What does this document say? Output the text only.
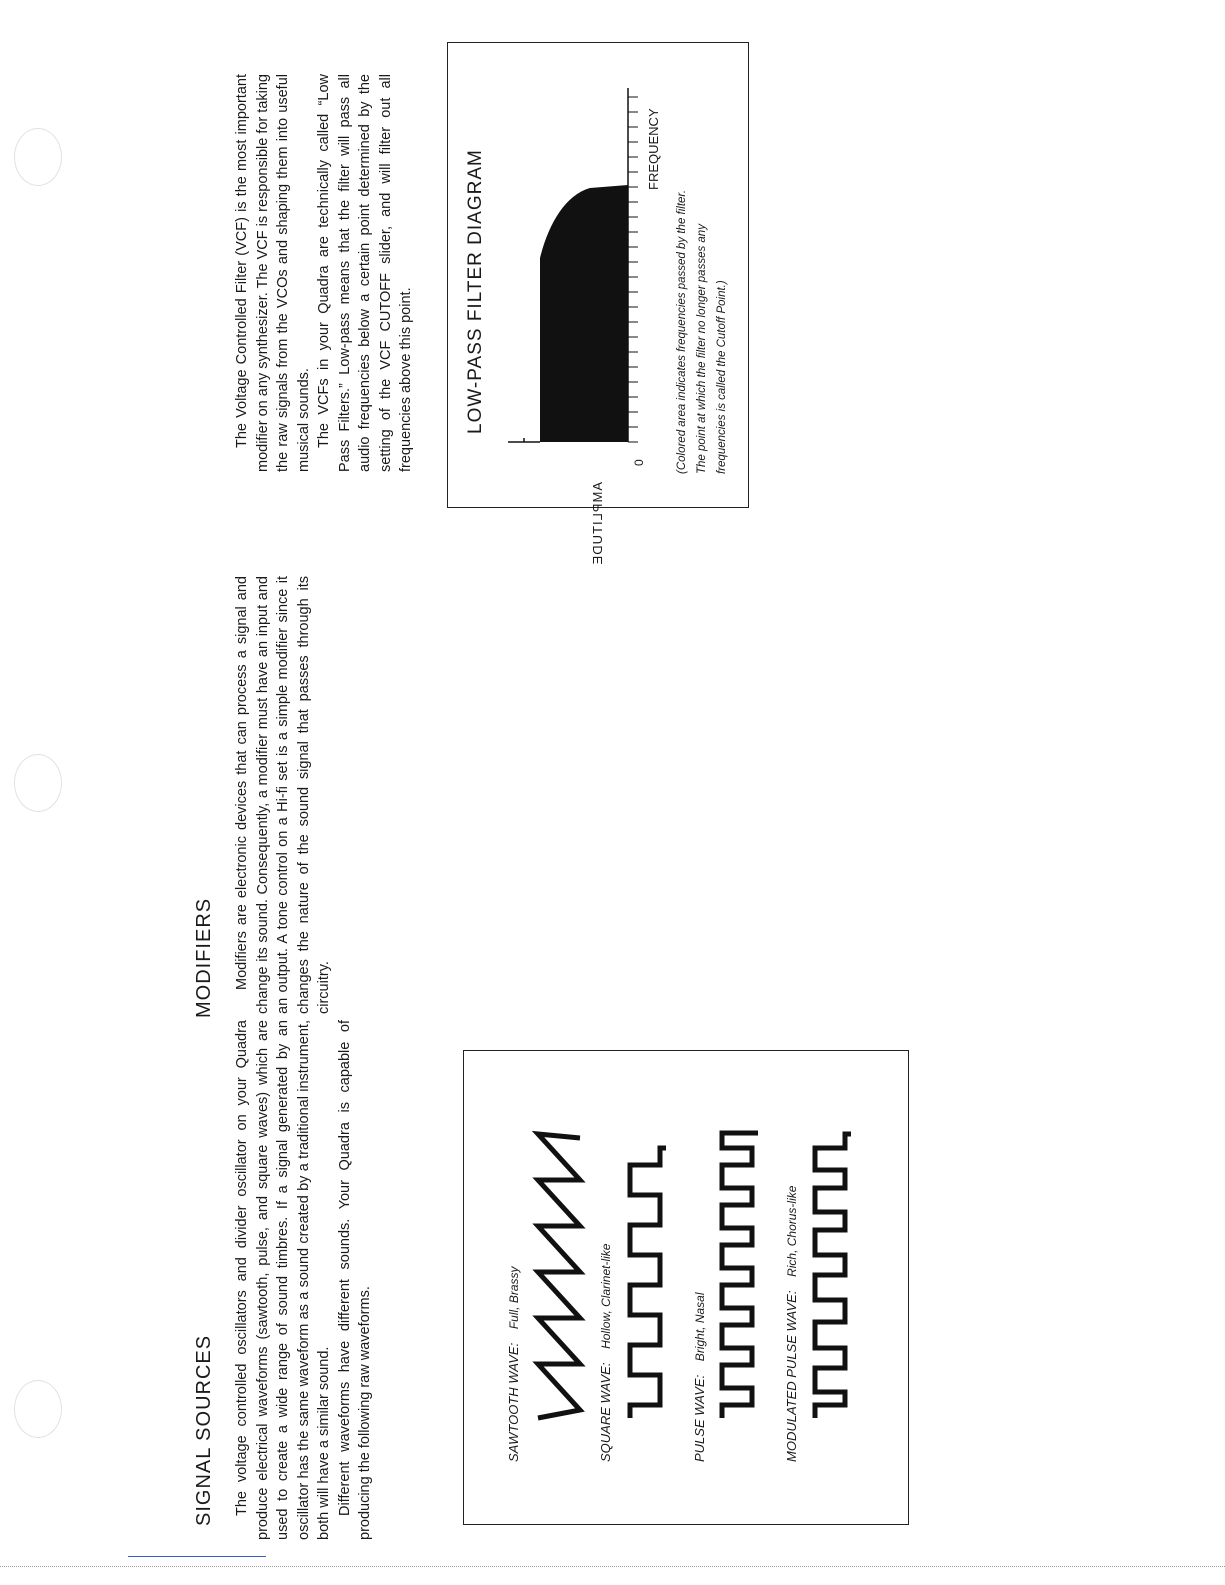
SIGNAL SOURCES The voltage controlled oscillators and divider oscillator on your Quadra produce electrical waveforms (sawtooth, pulse, and square waves) which are used to create a wide range of sound timbres. If a signal generated by an oscillator has the same waveform as a sound created by a traditional instrument, both will have a similar sound. Different waveforms have different sounds. Your Quadra is capable of producing the following raw waveforms.	SAWTOOTH WAVE: Full, Brassy
SQUARE WAVE: Hollow, Clarinet-like
PULSE WAVE: Bright, Nasal	MODULATED PULSE WAVE: Rich, Chorus-like
MODIFIERS Modifiers are electronic devices that can process a signal and change its sound. Consequently, a modifier must have an input and an output. A tone control on a Hi-fi set is a simple modifier since it changes the nature of the sound signal that passes through its circuitry.

The Voltage Controlled Filter (VCF) is the most important modifier on any synthesizer. The VCF is responsible for taking the raw signals from the VCOs and shaping them into useful musical sounds. The VCFs in your Quadra are technically called “Low Pass Filters.” Low-pass means that the filter will pass all audio frequencies below a certain point determined by the setting of the VCF CUTOFF slider, and will filter out all frequencies above this point.	LOW-PASS FILTER DIAGRAM
AMPLITUDE
0
FREQUENCY
(Colored area indicates frequencies passed by the filter. The point at which the filter no longer passes any frequencies is called the Cutoff Point.)
